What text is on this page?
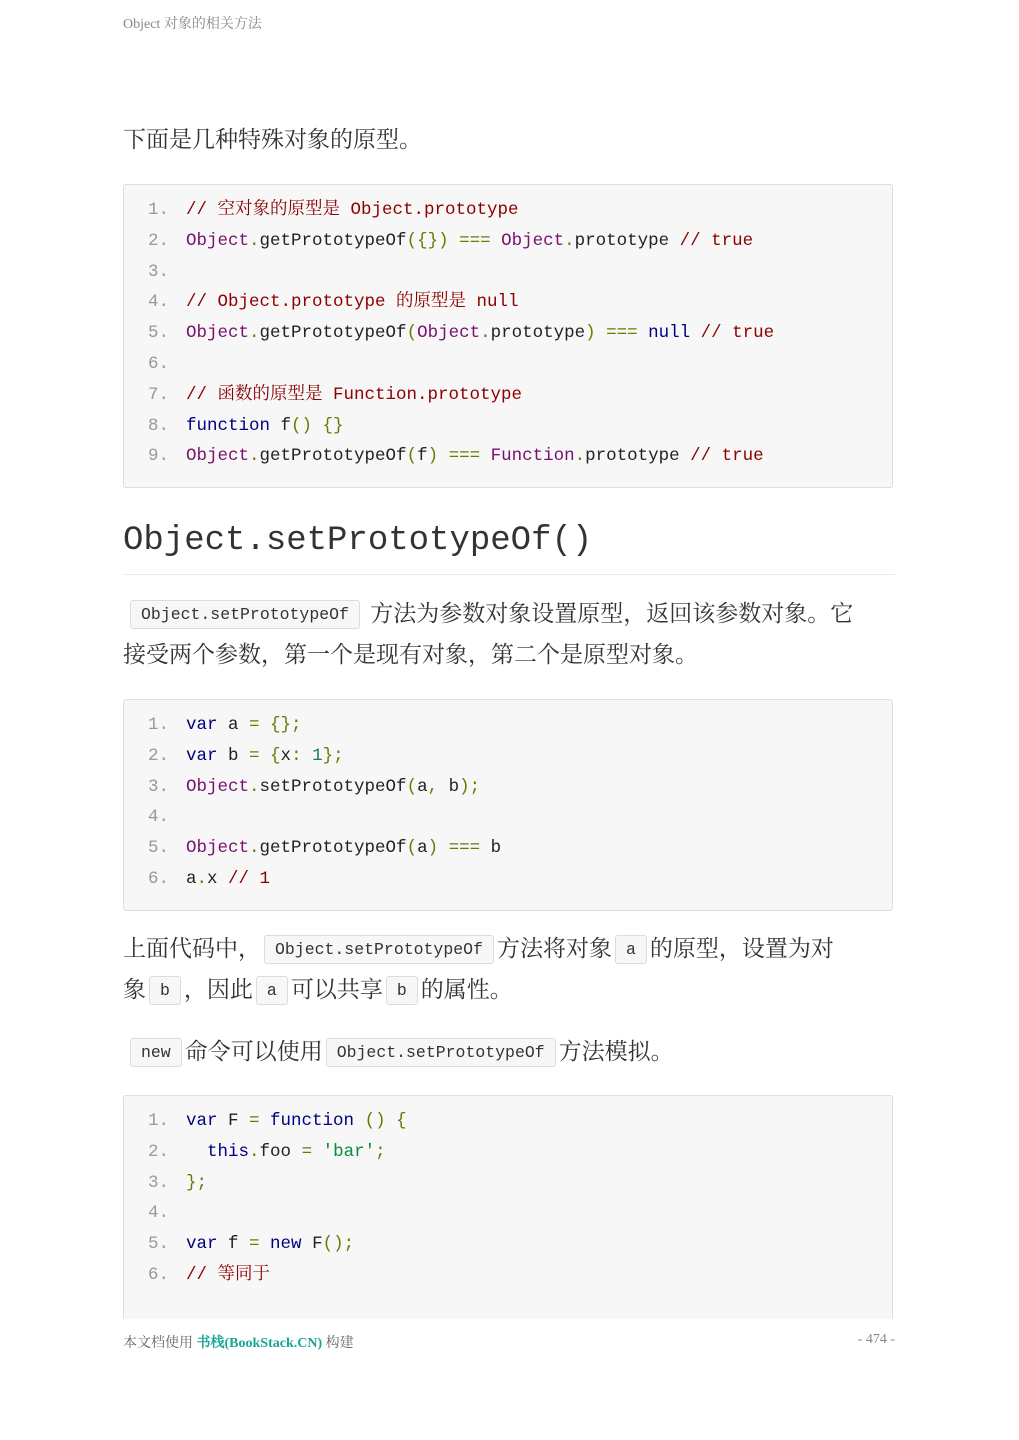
Object 对象的相关方法
下面是几种特殊对象的原型。
1. // 空对象的原型是 Object.prototype
2. Object.getPrototypeOf({}) === Object.prototype // true
3.
4. // Object.prototype 的原型是 null
5. Object.getPrototypeOf(Object.prototype) === null // true
6.
7. // 函数的原型是 Function.prototype
8. function f() {}
9. Object.getPrototypeOf(f) === Function.prototype // true
Object.setPrototypeOf()
Object.setPrototypeOf 方法为参数对象设置原型，返回该参数对象。它
接受两个参数，第一个是现有对象，第二个是原型对象。
1. var a = {};
2. var b = {x: 1};
3. Object.setPrototypeOf(a, b);
4.
5. Object.getPrototypeOf(a) === b
6. a.x // 1
上面代码中， Object.setPrototypeOf 方法将对象 a 的原型，设置为对
象 b ，因此 a 可以共享 b 的属性。
new 命令可以使用 Object.setPrototypeOf 方法模拟。
1. var F = function () {
2. this.foo = 'bar';
3. };
4.
5. var f = new F();
6. // 等同于
本文档使用 书栈(BookStack.CN) 构建	- 474 -
